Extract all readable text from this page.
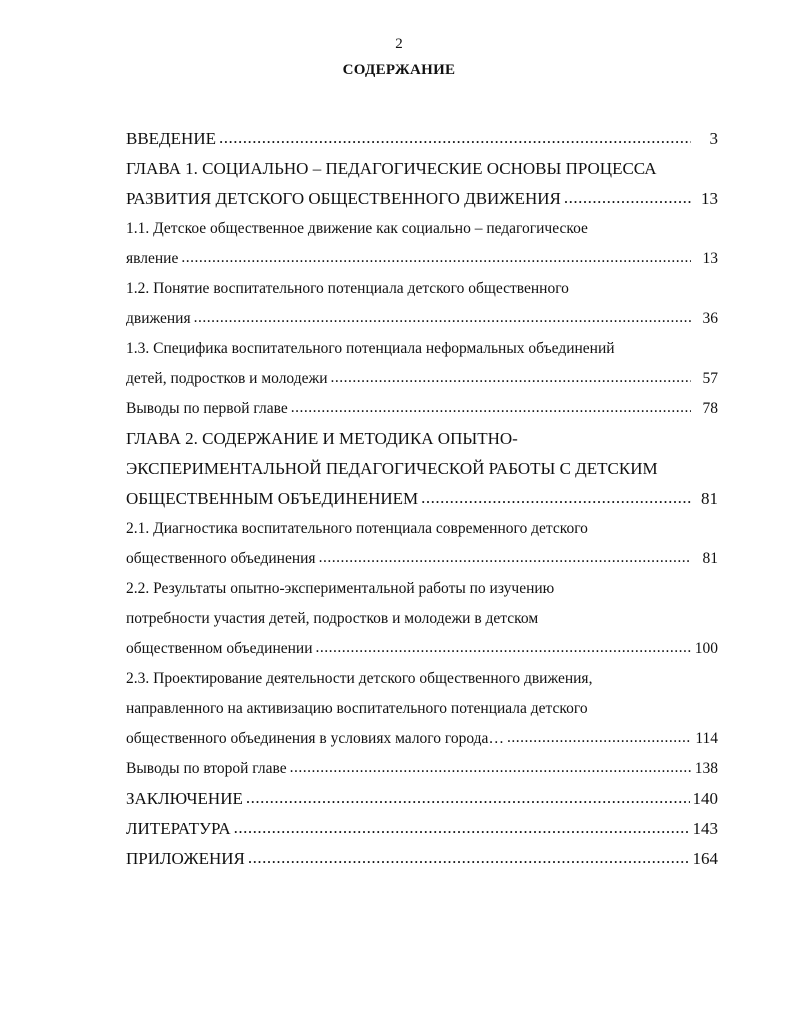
2
СОДЕРЖАНИЕ
ВВЕДЕНИЕ .....	3
ГЛАВА 1. СОЦИАЛЬНО – ПЕДАГОГИЧЕСКИЕ ОСНОВЫ ПРОЦЕССА
РАЗВИТИЯ ДЕТСКОГО ОБЩЕСТВЕННОГО ДВИЖЕНИЯ .....	13
1.1. Детское общественное движение как социально – педагогическое
явление .....	13
1.2. Понятие воспитательного потенциала детского общественного
движения .....	36
1.3. Специфика воспитательного потенциала неформальных объединений
детей, подростков и молодежи .....	57
Выводы по первой главе .....	78
ГЛАВА 2. СОДЕРЖАНИЕ И МЕТОДИКА ОПЫТНО-
ЭКСПЕРИМЕНТАЛЬНОЙ ПЕДАГОГИЧЕСКОЙ РАБОТЫ С ДЕТСКИМ
ОБЩЕСТВЕННЫМ ОБЪЕДИНЕНИЕМ .....	81
2.1. Диагностика воспитательного потенциала современного детского
общественного объединения .....	81
2.2. Результаты опытно-экспериментальной работы по изучению
потребности участия детей, подростков и молодежи в детском
общественном объединении .....	100
2.3. Проектирование деятельности детского общественного движения,
направленного на активизацию воспитательного потенциала детского
общественного объединения в условиях малого города… .....	114
Выводы по второй главе .....	138
ЗАКЛЮЧЕНИЕ .....	140
ЛИТЕРАТУРА .....	143
ПРИЛОЖЕНИЯ .....	164
